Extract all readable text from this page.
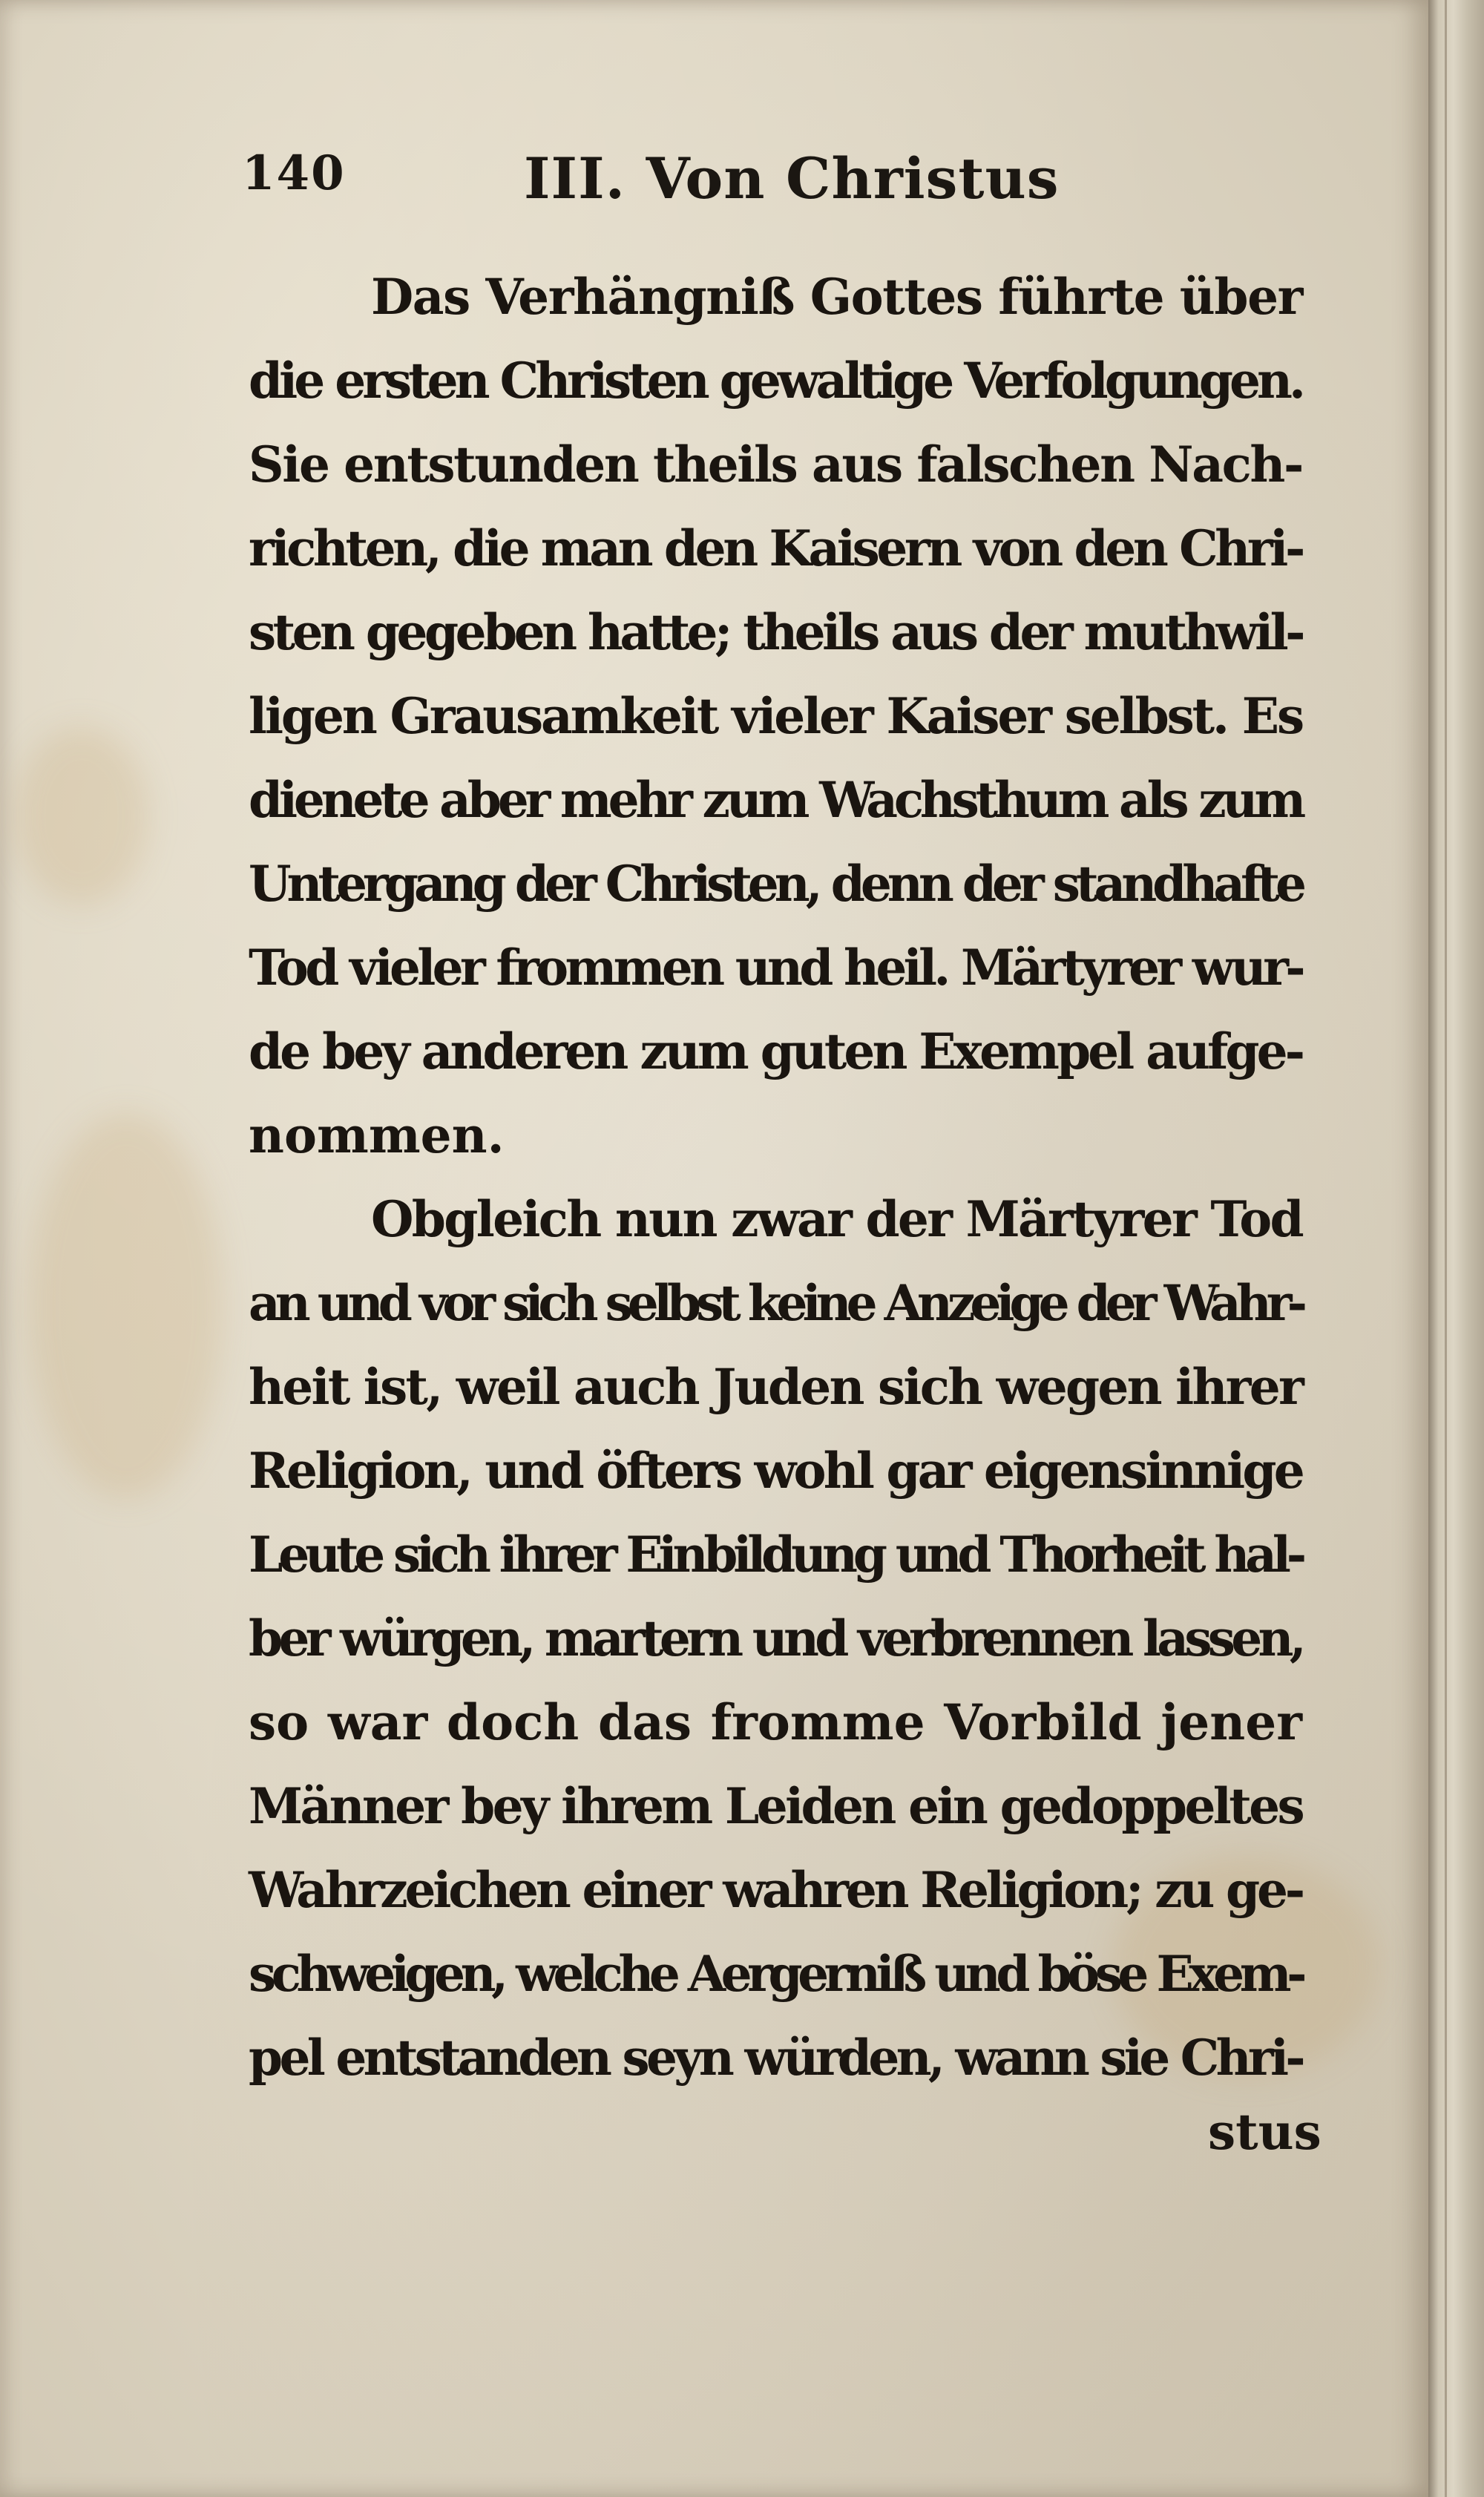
140	III. Von Christus
Das Verhängniß Gottes führte über
die ersten Christen gewaltige Verfolgungen.
Sie entstunden theils aus falschen Nach-
richten, die man den Kaisern von den Chri-
sten gegeben hatte; theils aus der muthwil-
ligen Grausamkeit vieler Kaiser selbst. Es
dienete aber mehr zum Wachsthum als zum
Untergang der Christen, denn der standhafte
Tod vieler frommen und heil. Märtyrer wur-
de bey anderen zum guten Exempel aufge-
nommen.
Obgleich nun zwar der Märtyrer Tod
an und vor sich selbst keine Anzeige der Wahr-
heit ist, weil auch Juden sich wegen ihrer
Religion, und öfters wohl gar eigensinnige
Leute sich ihrer Einbildung und Thorheit hal-
ber würgen, martern und verbrennen lassen,
so war doch das fromme Vorbild jener
Männer bey ihrem Leiden ein gedoppeltes
Wahrzeichen einer wahren Religion; zu ge-
schweigen, welche Aergerniß und böse Exem-
pel entstanden seyn würden, wann sie Chri-
stus
